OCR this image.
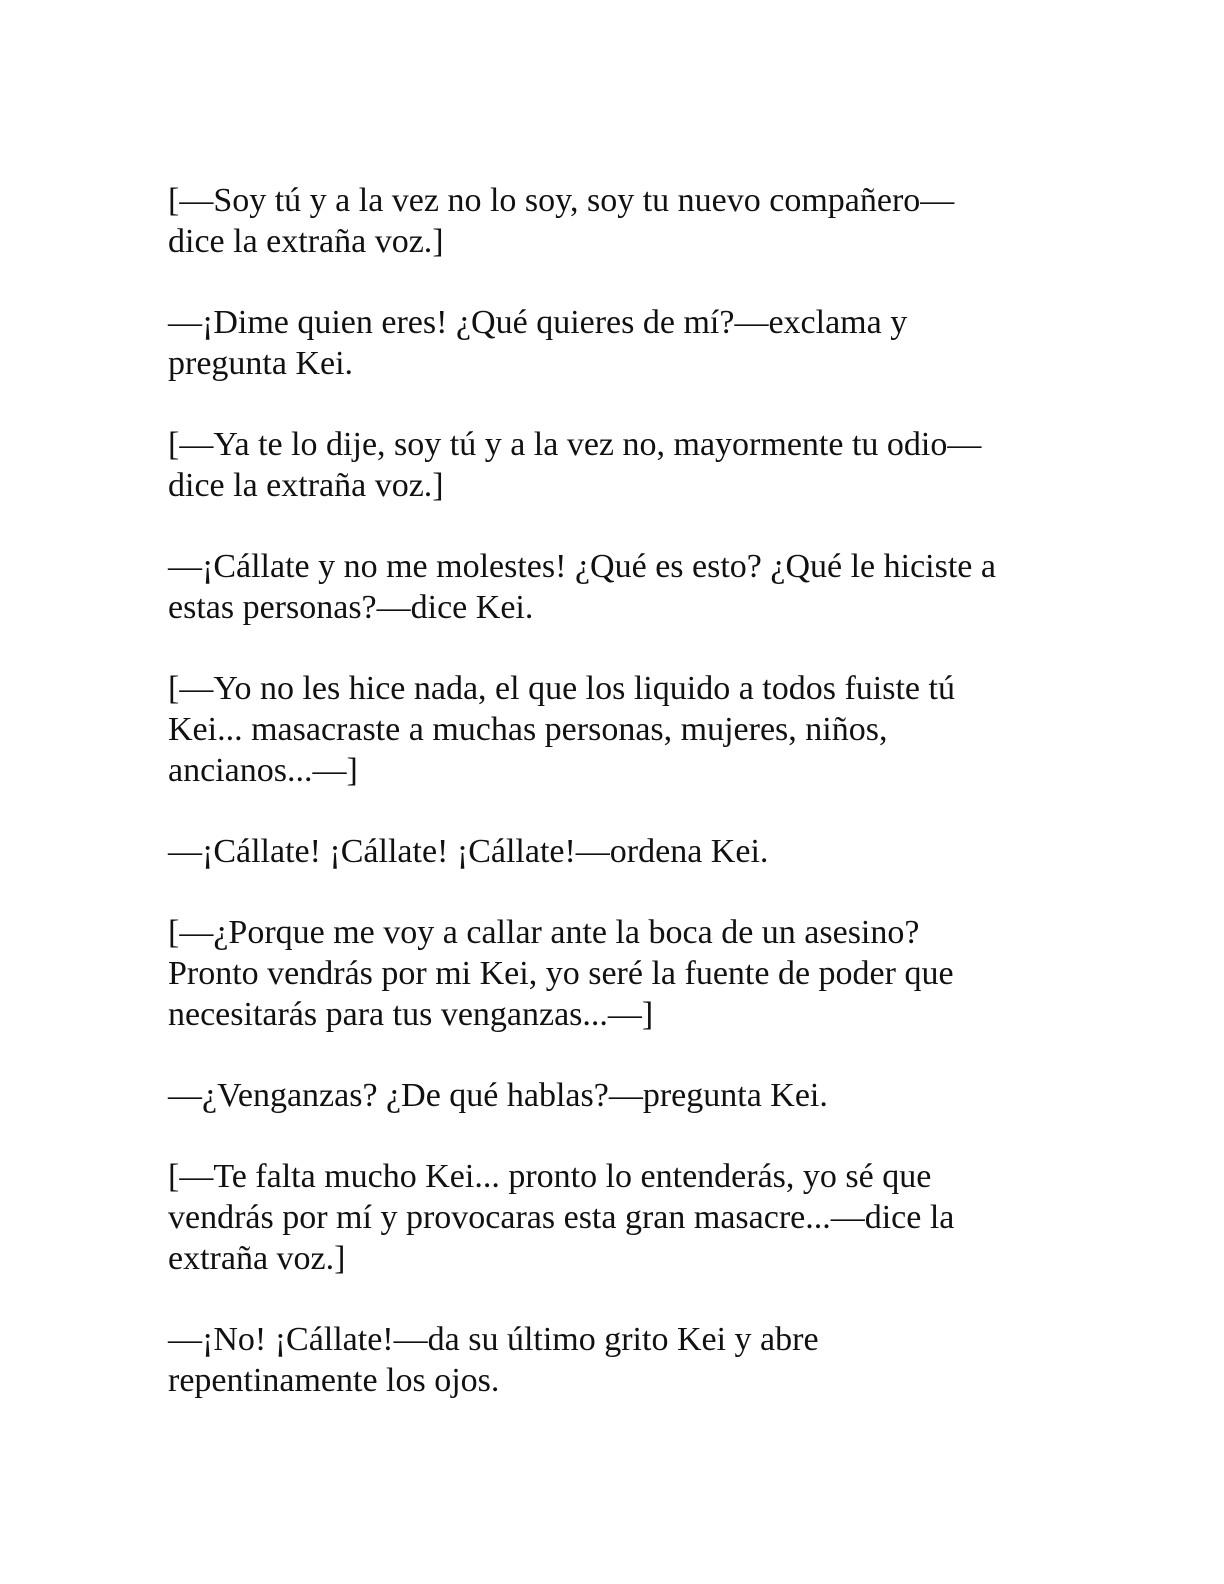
[—Soy tú y a la vez no lo soy, soy tu nuevo compañero—
dice la extraña voz.]

—¡Dime quien eres! ¿Qué quieres de mí?—exclama y
pregunta Kei.

[—Ya te lo dije, soy tú y a la vez no, mayormente tu odio—
dice la extraña voz.]

—¡Cállate y no me molestes! ¿Qué es esto? ¿Qué le hiciste a
estas personas?—dice Kei.

[—Yo no les hice nada, el que los liquido a todos fuiste tú
Kei... masacraste a muchas personas, mujeres, niños,
ancianos...—]

—¡Cállate! ¡Cállate! ¡Cállate!—ordena Kei.

[—¿Porque me voy a callar ante la boca de un asesino?
Pronto vendrás por mi Kei, yo seré la fuente de poder que
necesitarás para tus venganzas...—]

—¿Venganzas? ¿De qué hablas?—pregunta Kei.

[—Te falta mucho Kei... pronto lo entenderás, yo sé que
vendrás por mí y provocaras esta gran masacre...—dice la
extraña voz.]

—¡No! ¡Cállate!—da su último grito Kei y abre
repentinamente los ojos.
